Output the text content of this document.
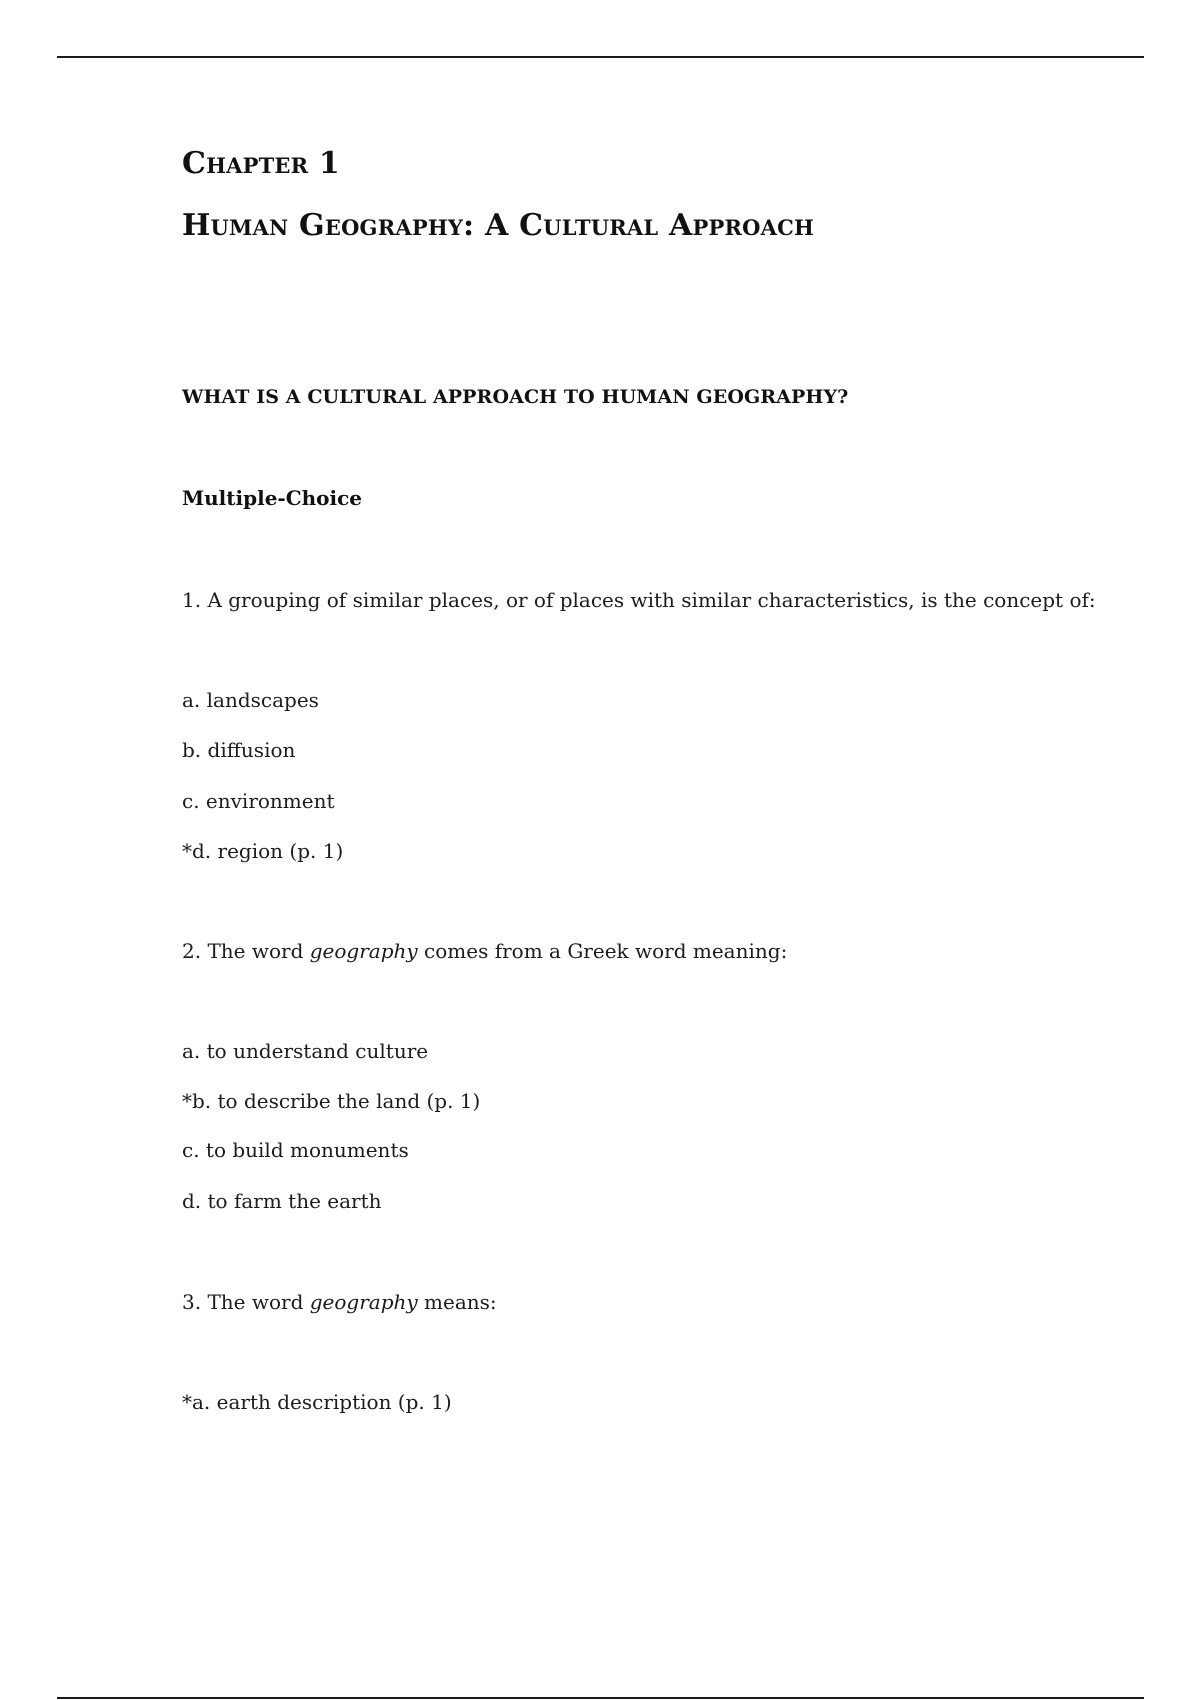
Chapter 1
Human Geography: A Cultural Approach
WHAT IS A CULTURAL APPROACH TO HUMAN GEOGRAPHY?
Multiple-Choice
1. A grouping of similar places, or of places with similar characteristics, is the concept of:
a. landscapes
b. diffusion
c. environment
*d. region (p. 1)
2. The word geography comes from a Greek word meaning:
a. to understand culture
*b. to describe the land (p. 1)
c. to build monuments
d. to farm the earth
3. The word geography means:
*a. earth description (p. 1)
